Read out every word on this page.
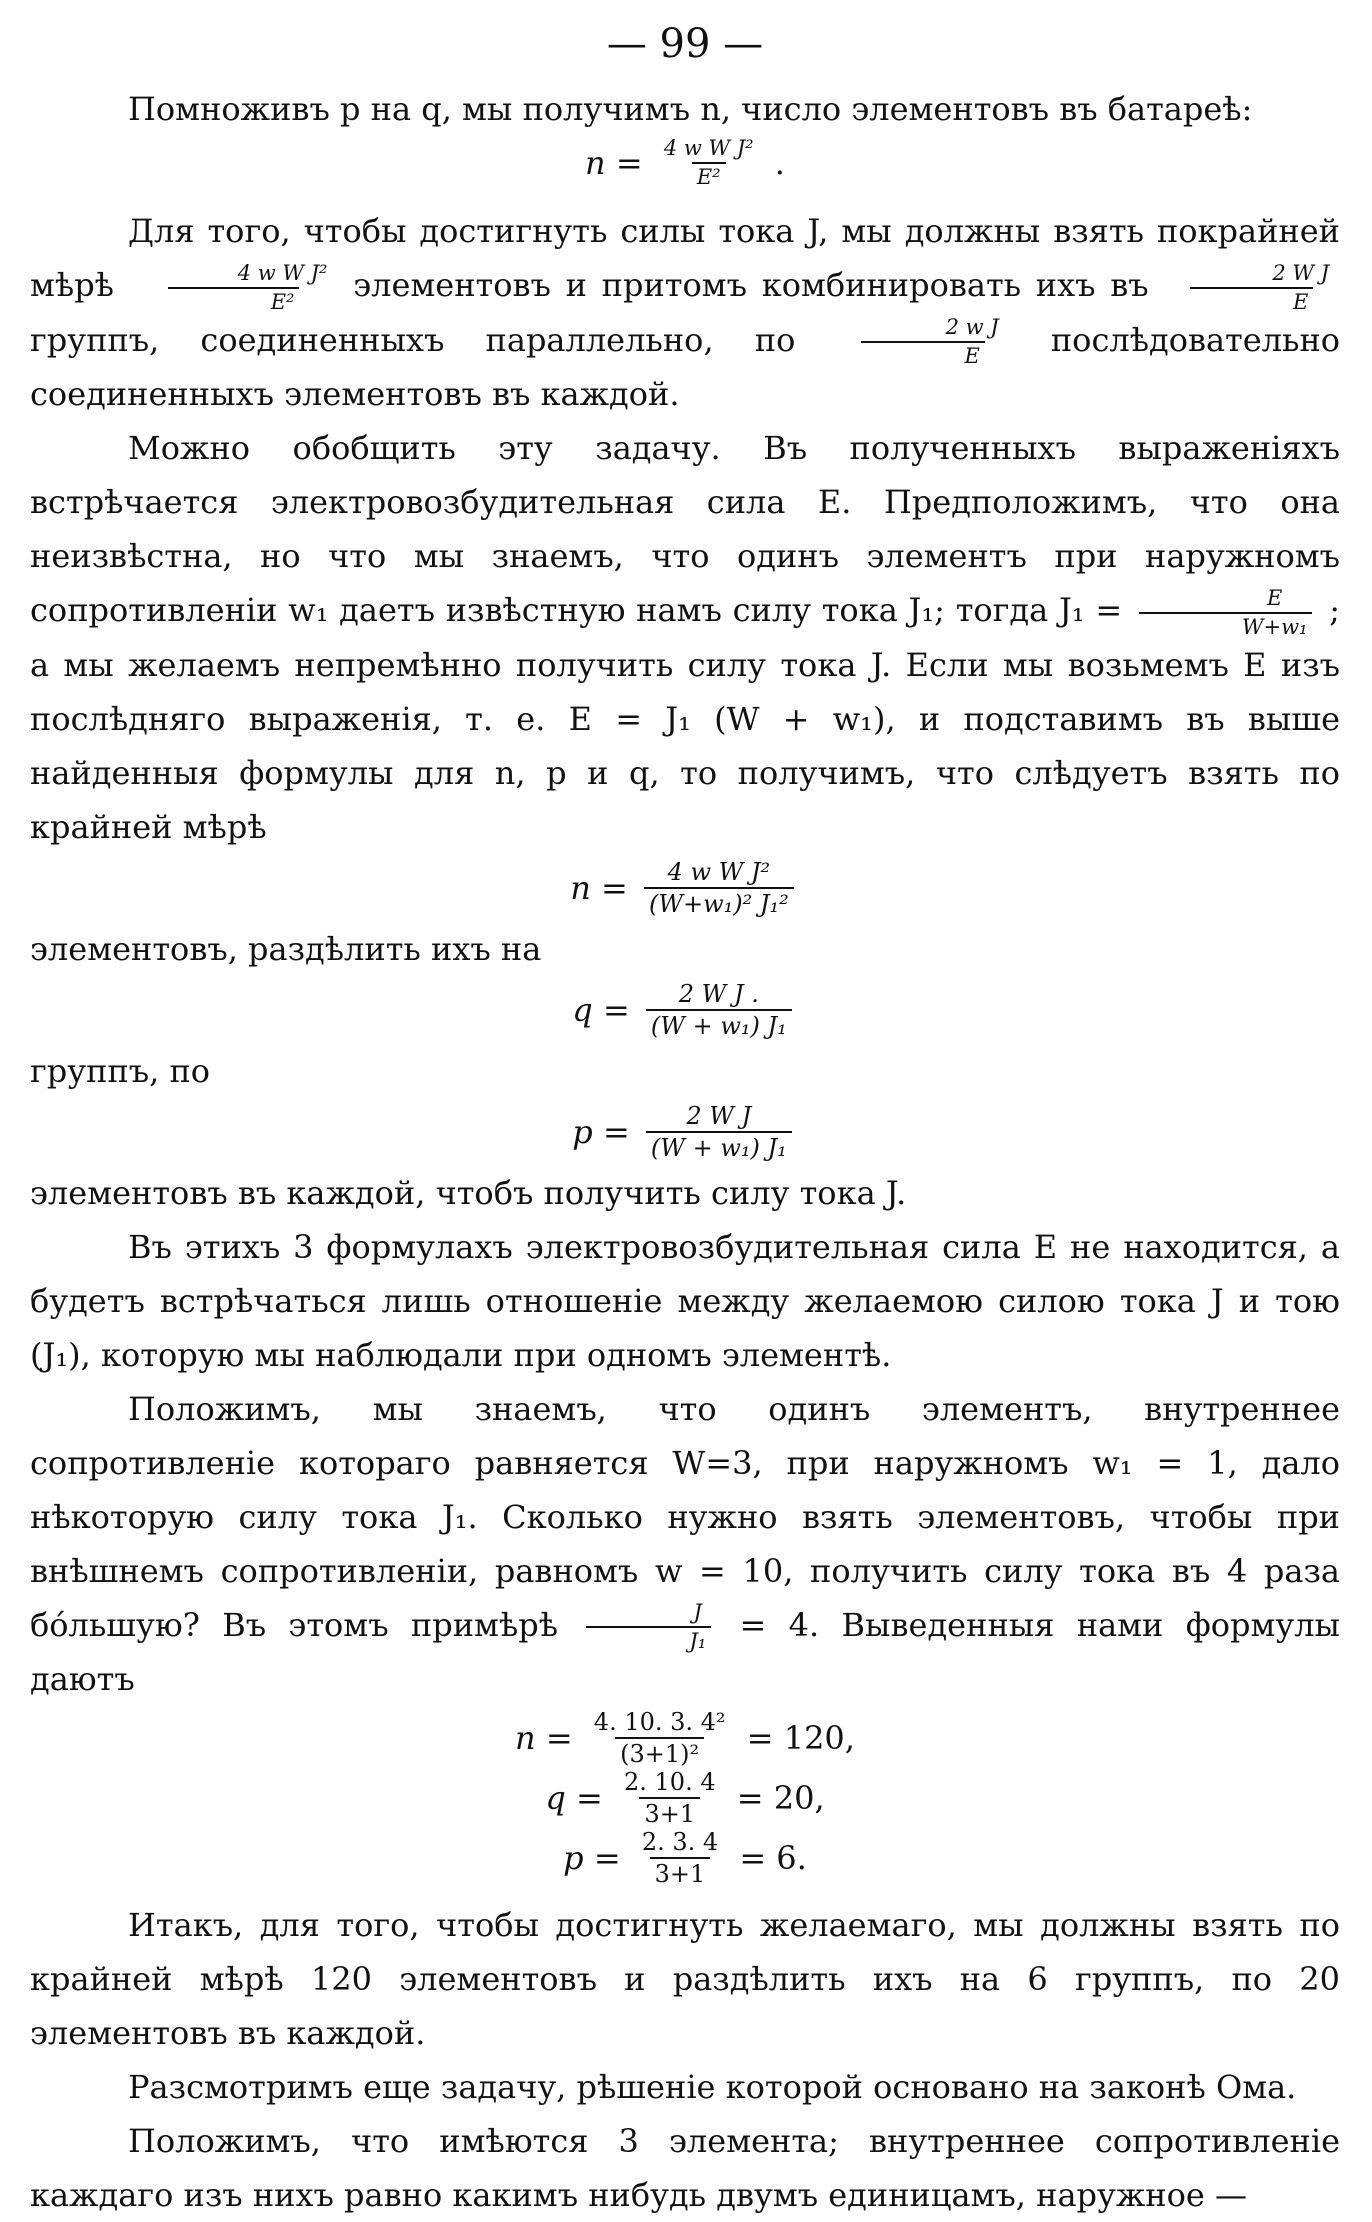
— 99 —

Помноживъ p на q, мы получимъ n, число элементовъ въ батареѣ:

$n = \frac{\text{4 w W J²}}{\text{E²}}$ .

Для того, чтобы достигнуть силы тока J, мы должны взять покрайней мѣрѣ $\frac{\text{4 w W J²}}{\text{E²}}$ элементовъ и притомъ комбинировать ихъ въ $\frac{\text{2 W J}}{E}$
группъ, соединенныхъ параллельно, по $\frac{\text{2 w J}}{E}$ послѣдовательно соединенныхъ элементовъ въ каждой.

Можно обобщить эту задачу. Въ полученныхъ выраженіяхъ встрѣчается электровозбудительная сила E. Предположимъ, что она неизвѣстна, но что мы знаемъ, что одинъ элементъ при наружномъ сопротивленіи w₁ даетъ извѣстную намъ силу тока J₁; тогда $J_1 = \frac{E}{\text{W+w₁}}$ ; а мы желаемъ непремѣнно получить силу тока J. Если мы возьмемъ E изъ послѣдняго выраженія, т. е. E = J₁ (W + w₁), и подставимъ въ выше найденныя формулы для n, p и q, то получимъ, что слѣдуетъ взять по крайней мѣрѣ

$n = \frac{\text{4 w W J²}}{\text{(W+w₁)² J₁²}}$

элементовъ, раздѣлить ихъ на

$q = \frac{\text{2 W J .}}{\text{(W + w₁) J₁}}$

группъ, по

$p = \frac{\text{2 W J}}{\text{(W + w₁) J₁}}$

элементовъ въ каждой, чтобъ получить силу тока J.

Въ этихъ 3 формулахъ электровозбудительная сила E не находится, а будетъ встрѣчаться лишь отношеніе между желаемою силою тока J и тою (J₁), которую мы наблюдали при одномъ элементѣ.

Положимъ, мы знаемъ, что одинъ элементъ, внутреннее сопротивленіе котораго равняется W=3, при наружномъ w₁ = 1, дало нѣкоторую силу тока J₁. Сколько нужно взять элементовъ, чтобы при внѣшнемъ сопротивленіи, равномъ w = 10, получить силу тока въ 4 раза бо́льшую? Въ этомъ примѣрѣ $\frac{J}{\text{J₁}} = 4$. Выведенныя нами формулы даютъ

$n = \frac{\text{4. 10. 3. 4²}}{\text{(3+1)²}} = 120$,
$q = \frac{2. 10. 4}{3+1} = 20$,
$p = \frac{2. 3. 4}{3+1} = 6$.

Итакъ, для того, чтобы достигнуть желаемаго, мы должны взять по крайней мѣрѣ 120 элементовъ и раздѣлить ихъ на 6 группъ, по 20 элементовъ въ каждой.

Разсмотримъ еще задачу, рѣшеніе которой основано на законѣ Ома.

Положимъ, что имѣются 3 элемента; внутреннее сопротивленіе каждаго изъ нихъ равно какимъ нибудь двумъ единицамъ, наружное —
